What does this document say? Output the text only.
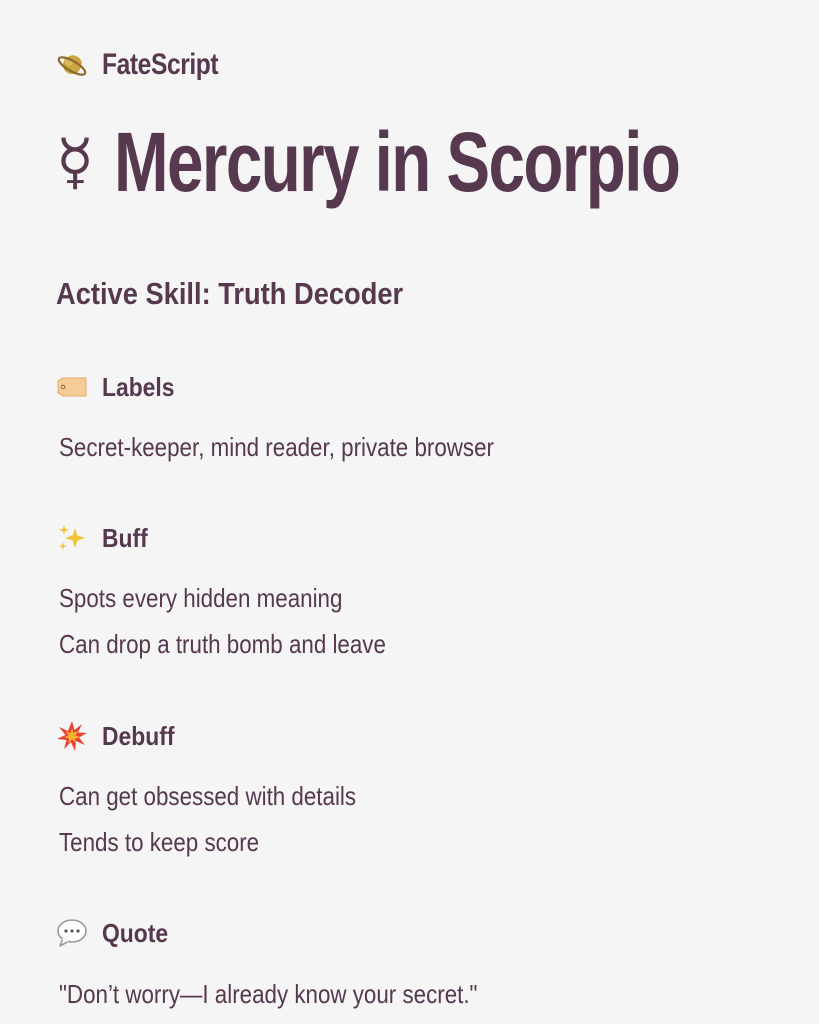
FateScript
☿ Mercury in Scorpio
Active Skill: Truth Decoder
Labels
Secret-keeper, mind reader, private browser
Buff
Spots every hidden meaning
Can drop a truth bomb and leave
Debuff
Can get obsessed with details
Tends to keep score
Quote
"Don’t worry—I already know your secret."
